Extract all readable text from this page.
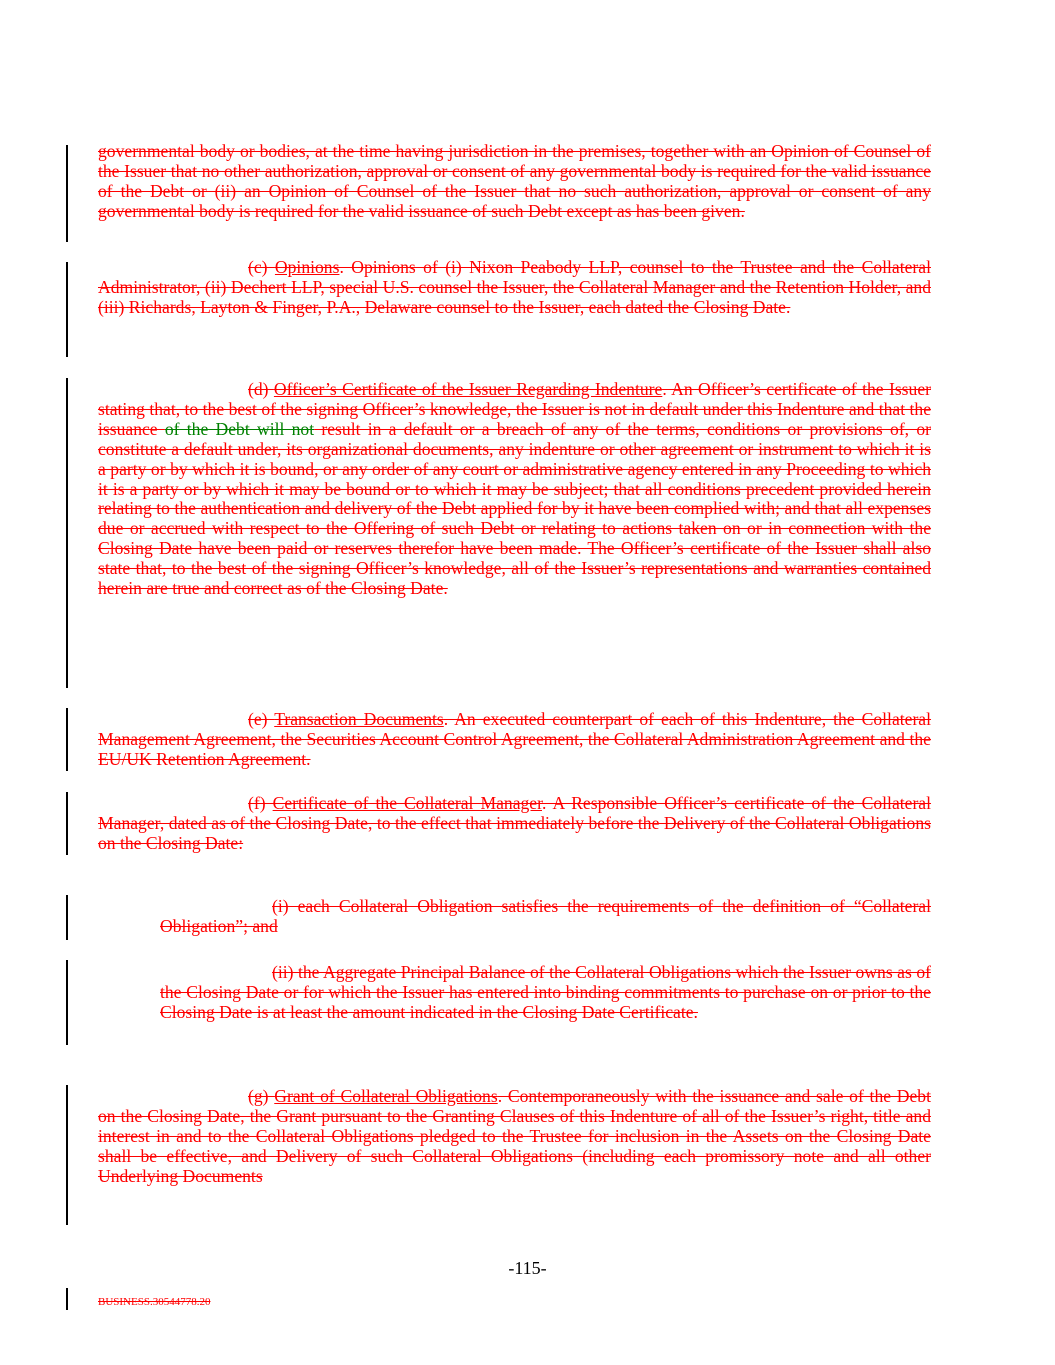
governmental body or bodies, at the time having jurisdiction in the premises, together with an Opinion of Counsel of the Issuer that no other authorization, approval or consent of any governmental body is required for the valid issuance of the Debt or (ii) an Opinion of Counsel of the Issuer that no such authorization, approval or consent of any governmental body is required for the valid issuance of such Debt except as has been given.
(c) Opinions. Opinions of (i) Nixon Peabody LLP, counsel to the Trustee and the Collateral Administrator, (ii) Dechert LLP, special U.S. counsel the Issuer, the Collateral Manager and the Retention Holder, and (iii) Richards, Layton & Finger, P.A., Delaware counsel to the Issuer, each dated the Closing Date.
(d) Officer’s Certificate of the Issuer Regarding Indenture. An Officer’s certificate of the Issuer stating that, to the best of the signing Officer’s knowledge, the Issuer is not in default under this Indenture and that the issuance of the Debt will not result in a default or a breach of any of the terms, conditions or provisions of, or constitute a default under, its organizational documents, any indenture or other agreement or instrument to which it is a party or by which it is bound, or any order of any court or administrative agency entered in any Proceeding to which it is a party or by which it may be bound or to which it may be subject; that all conditions precedent provided herein relating to the authentication and delivery of the Debt applied for by it have been complied with; and that all expenses due or accrued with respect to the Offering of such Debt or relating to actions taken on or in connection with the Closing Date have been paid or reserves therefor have been made. The Officer’s certificate of the Issuer shall also state that, to the best of the signing Officer’s knowledge, all of the Issuer’s representations and warranties contained herein are true and correct as of the Closing Date.
(e) Transaction Documents. An executed counterpart of each of this Indenture, the Collateral Management Agreement, the Securities Account Control Agreement, the Collateral Administration Agreement and the EU/UK Retention Agreement.
(f) Certificate of the Collateral Manager. A Responsible Officer’s certificate of the Collateral Manager, dated as of the Closing Date, to the effect that immediately before the Delivery of the Collateral Obligations on the Closing Date:
(i) each Collateral Obligation satisfies the requirements of the definition of “Collateral Obligation”; and
(ii) the Aggregate Principal Balance of the Collateral Obligations which the Issuer owns as of the Closing Date or for which the Issuer has entered into binding commitments to purchase on or prior to the Closing Date is at least the amount indicated in the Closing Date Certificate.
(g) Grant of Collateral Obligations. Contemporaneously with the issuance and sale of the Debt on the Closing Date, the Grant pursuant to the Granting Clauses of this Indenture of all of the Issuer’s right, title and interest in and to the Collateral Obligations pledged to the Trustee for inclusion in the Assets on the Closing Date shall be effective, and Delivery of such Collateral Obligations (including each promissory note and all other Underlying Documents
-115-
BUSINESS.30544778.20
